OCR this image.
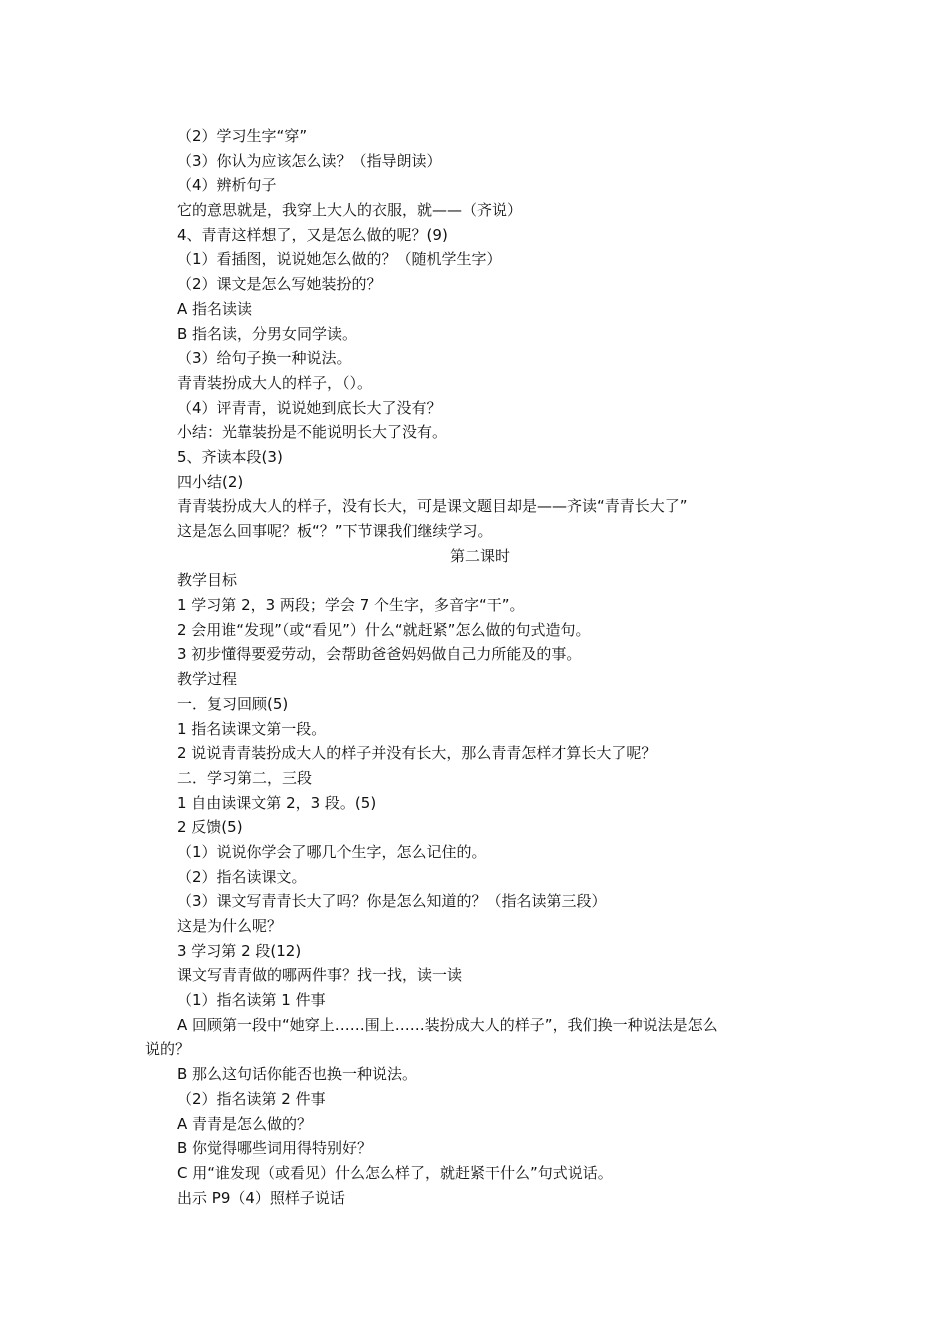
（2）学习生字“穿”
（3）你认为应该怎么读？（指导朗读）
（4）辨析句子
它的意思就是，我穿上大人的衣服，就——（齐说）
4、青青这样想了，又是怎么做的呢？(9)
（1）看插图，说说她怎么做的？（随机学生字）
（2）课文是怎么写她装扮的？
A 指名读读
B 指名读，分男女同学读。
（3）给句子换一种说法。
青青装扮成大人的样子，（）。
（4）评青青，说说她到底长大了没有？
小结：光靠装扮是不能说明长大了没有。
5、齐读本段(3)
四小结(2)
青青装扮成大人的样子，没有长大，可是课文题目却是——齐读“青青长大了”
这是怎么回事呢？板“？”下节课我们继续学习。
第二课时
教学目标
1 学习第 2，3 两段；学会 7 个生字，多音字“干”。
2 会用谁“发现”（或“看见”）什么“就赶紧”怎么做的句式造句。
3 初步懂得要爱劳动，会帮助爸爸妈妈做自己力所能及的事。
教学过程
一．复习回顾(5)
1 指名读课文第一段。
2 说说青青装扮成大人的样子并没有长大，那么青青怎样才算长大了呢？
二．学习第二，三段
1 自由读课文第 2，3 段。(5)
2 反馈(5)
（1）说说你学会了哪几个生字，怎么记住的。
（2）指名读课文。
（3）课文写青青长大了吗？你是怎么知道的？（指名读第三段）
这是为什么呢？
3 学习第 2 段(12)
课文写青青做的哪两件事？找一找，读一读
（1）指名读第 1 件事
A 回顾第一段中“她穿上……围上……装扮成大人的样子”，我们换一种说法是怎么
说的？
B 那么这句话你能否也换一种说法。
（2）指名读第 2 件事
A 青青是怎么做的？
B 你觉得哪些词用得特别好？
C 用“谁发现（或看见）什么怎么样了，就赶紧干什么”句式说话。
出示 P9（4）照样子说话
